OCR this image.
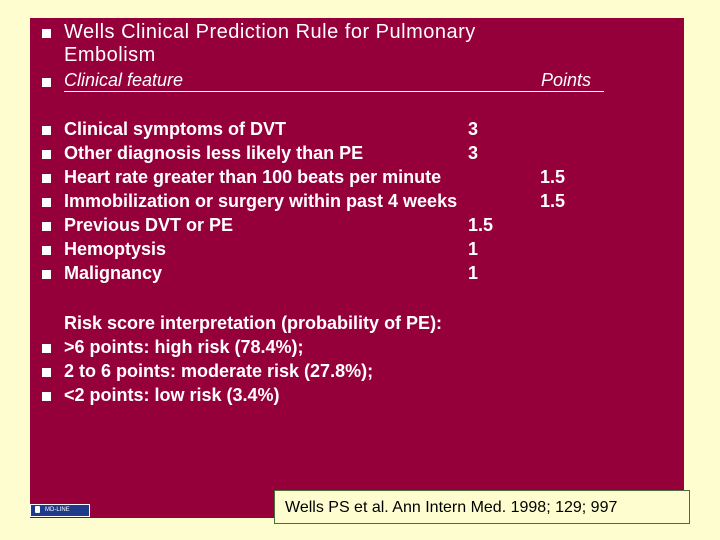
Wells Clinical Prediction Rule for Pulmonary
Embolism
Clinical feature	Points
Clinical symptoms of DVT	3
Other diagnosis less likely than PE	3
Heart rate greater than 100 beats per minute	1.5
Immobilization or surgery within past 4 weeks	1.5
Previous DVT or PE	1.5
Hemoptysis	1
Malignancy	1
Risk score interpretation (probability of PE):
>6 points: high risk (78.4%);
2 to 6 points: moderate risk (27.8%);
<2 points: low risk (3.4%)
MD-LINE	Wells PS et al. Ann Intern Med. 1998; 129; 997
